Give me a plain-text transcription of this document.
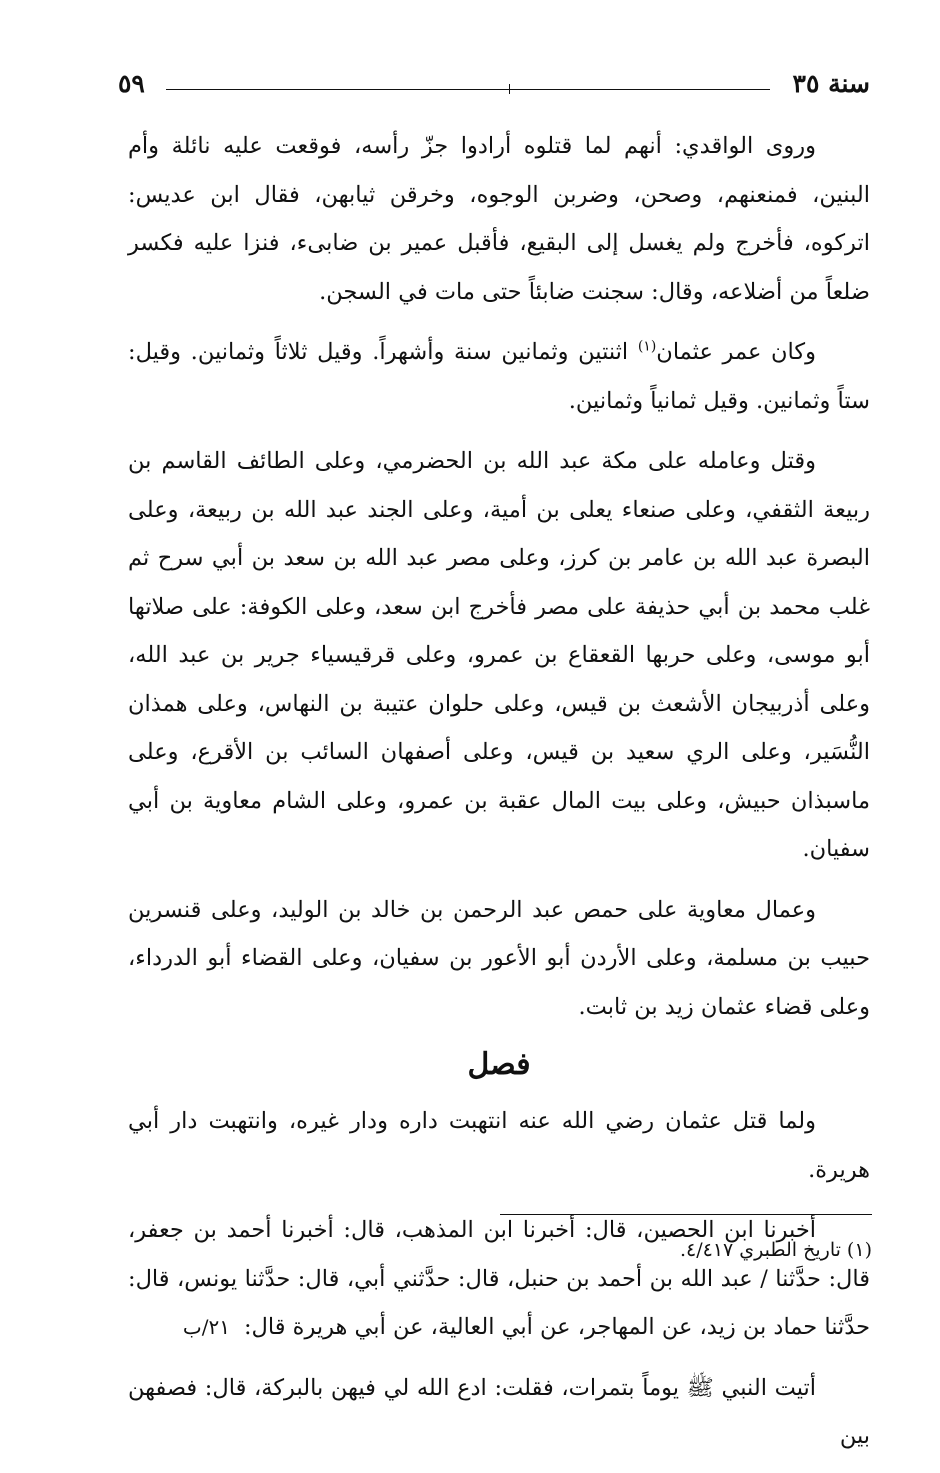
سنة ٣٥
٥٩

وروى الواقدي: أنهم لما قتلوه أرادوا جزّ رأسه، فوقعت عليه نائلة وأم البنين، فمنعنهم، وصحن، وضربن الوجوه، وخرقن ثيابهن، فقال ابن عديس: اتركوه، فأخرج ولم يغسل إلى البقيع، فأقبل عمير بن ضابىء، فنزا عليه فكسر ضلعاً من أضلاعه، وقال: سجنت ضابئاً حتى مات في السجن.

وكان عمر عثمان$^{(١)}$ اثنتين وثمانين سنة وأشهراً. وقيل ثلاثاً وثمانين. وقيل: ستاً وثمانين. وقيل ثمانياً وثمانين.

وقتل وعامله على مكة عبد الله بن الحضرمي، وعلى الطائف القاسم بن ربيعة الثقفي، وعلى صنعاء يعلى بن أمية، وعلى الجند عبد الله بن ربيعة، وعلى البصرة عبد الله بن عامر بن كرز، وعلى مصر عبد الله بن سعد بن أبي سرح ثم غلب محمد بن أبي حذيفة على مصر فأخرج ابن سعد، وعلى الكوفة: على صلاتها أبو موسى، وعلى حربها القعقاع بن عمرو، وعلى قرقيسياء جرير بن عبد الله، وعلى أذربيجان الأشعث بن قيس، وعلى حلوان عتيبة بن النهاس، وعلى همذان النُّسَير، وعلى الري سعيد بن قيس، وعلى أصفهان السائب بن الأقرع، وعلى ماسبذان حبيش، وعلى بيت المال عقبة بن عمرو، وعلى الشام معاوية بن أبي سفيان.

وعمال معاوية على حمص عبد الرحمن بن خالد بن الوليد، وعلى قنسرين حبيب بن مسلمة، وعلى الأردن أبو الأعور بن سفيان، وعلى القضاء أبو الدرداء، وعلى قضاء عثمان زيد بن ثابت.

فصل

ولما قتل عثمان رضي الله عنه انتهبت داره ودار غيره، وانتهبت دار أبي هريرة.

أخبرنا ابن الحصين، قال: أخبرنا ابن المذهب، قال: أخبرنا أحمد بن جعفر، قال: حدَّثنا / عبد الله بن أحمد بن حنبل، قال: حدَّثني أبي، قال: حدَّثنا يونس، قال: حدَّثنا حماد بن زيد، عن المهاجر، عن أبي العالية، عن أبي هريرة قال:٢١/ب

أتيت النبي ﷺ يوماً بتمرات، فقلت: ادع الله لي فيهن بالبركة، قال: فصفهن بين

(١) تاريخ الطبري ٤/٤١٧.
